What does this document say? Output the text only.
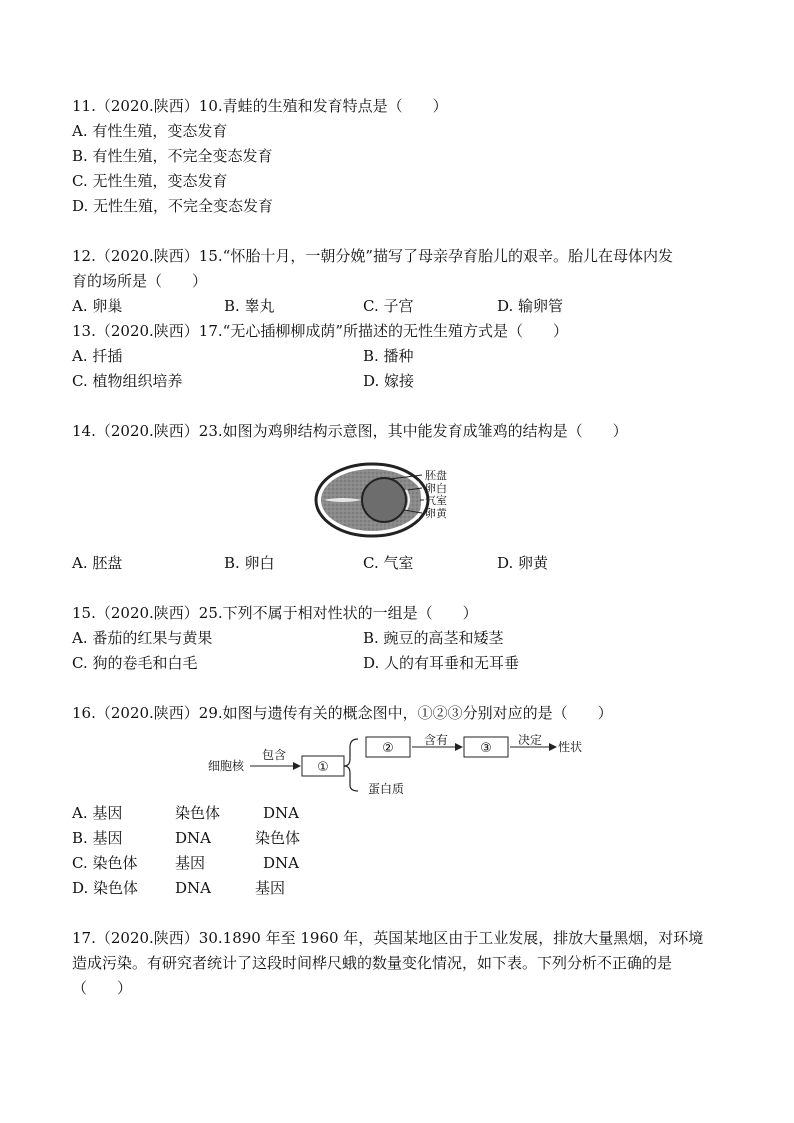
11.（2020.陕西）10.青蛙的生殖和发育特点是（　　）
A. 有性生殖，变态发育
B. 有性生殖，不完全变态发育
C. 无性生殖，变态发育
D. 无性生殖，不完全变态发育
12.（2020.陕西）15.“怀胎十月，一朝分娩”描写了母亲孕育胎儿的艰辛。胎儿在母体内发
育的场所是（　　）
A. 卵巢	B. 睾丸	C. 子宫	D. 输卵管
13.（2020.陕西）17.“无心插柳柳成荫”所描述的无性生殖方式是（　　）
A. 扦插	B. 播种
C. 植物组织培养	D. 嫁接
14.（2020.陕西）23.如图为鸡卵结构示意图，其中能发育成雏鸡的结构是（　　）
胚盘
卵白
气室
卵黄
A. 胚盘	B. 卵白	C. 气室	D. 卵黄
15.（2020.陕西）25.下列不属于相对性状的一组是（　　）
A. 番茄的红果与黄果	B. 豌豆的高茎和矮茎
C. 狗的卷毛和白毛	D. 人的有耳垂和无耳垂
16.（2020.陕西）29.如图与遗传有关的概念图中，①②③分别对应的是（　　）
细胞核
包含
①
②
含有
③
决定 性状
蛋白质
A. 基因	染色体	DNA
B. 基因	DNA	染色体
C. 染色体	基因	DNA
D. 染色体 DNA	基因
17.（2020.陕西）30.1890 年至 1960 年，英国某地区由于工业发展，排放大量黑烟，对环境
造成污染。有研究者统计了这段时间桦尺蛾的数量变化情况，如下表。下列分析不正确的是
（　　）
